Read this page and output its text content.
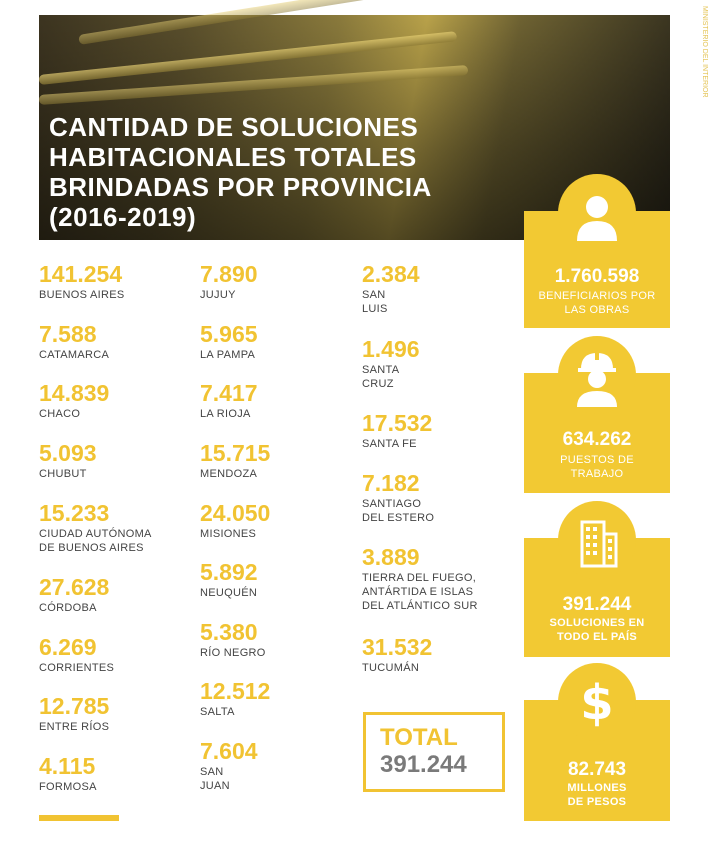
CANTIDAD DE SOLUCIONES
HABITACIONALES TOTALES
BRINDADAS POR PROVINCIA
(2016-2019)
MINISTERIO DEL INTERIOR
141.254
BUENOS AIRES
7.588
CATAMARCA
14.839
CHACO
5.093
CHUBUT
15.233
CIUDAD AUTÓNOMA
DE BUENOS AIRES
27.628
CÓRDOBA
6.269
CORRIENTES
12.785
ENTRE RÍOS
4.115
FORMOSA
7.890
JUJUY
5.965
LA PAMPA
7.417
LA RIOJA
15.715
MENDOZA
24.050
MISIONES
5.892
NEUQUÉN
5.380
RÍO NEGRO
12.512
SALTA
7.604
SAN
JUAN
2.384
SAN
LUIS
1.496
SANTA
CRUZ
17.532
SANTA FE
7.182
SANTIAGO
DEL ESTERO
3.889
TIERRA DEL FUEGO,
ANTÁRTIDA E ISLAS
DEL ATLÁNTICO SUR
31.532
TUCUMÁN
TOTAL
391.244
1.760.598
BENEFICIARIOS POR
LAS OBRAS
634.262
PUESTOS DE
TRABAJO
391.244
SOLUCIONES EN
TODO EL PAÍS
$
82.743
MILLONES
DE PESOS
